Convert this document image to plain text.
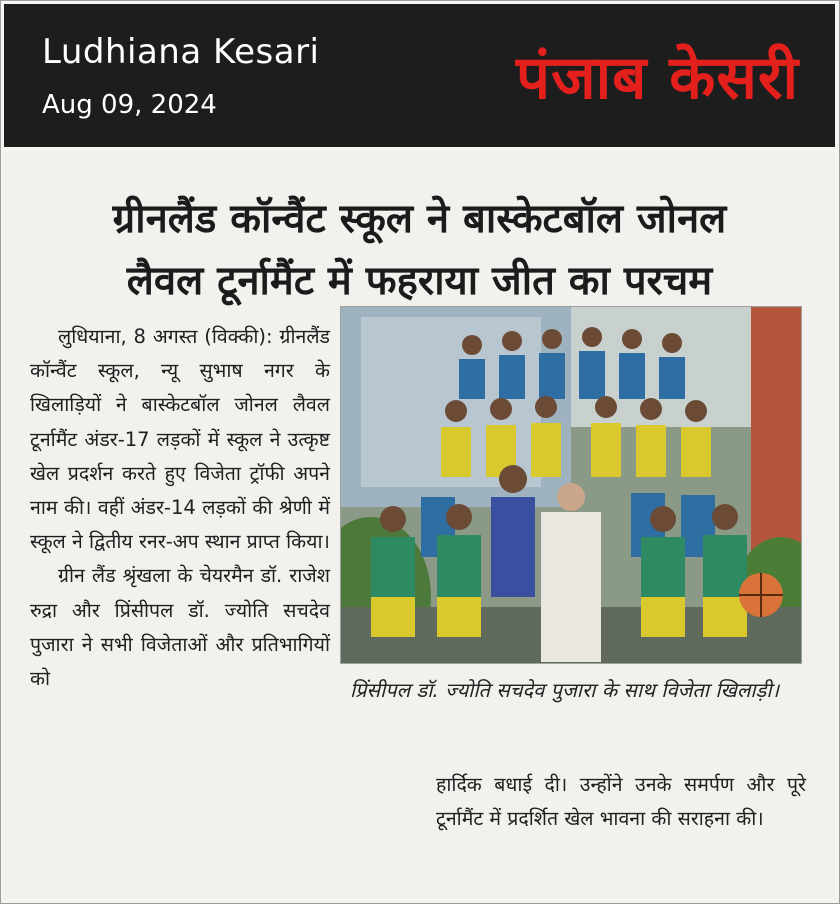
Ludhiana Kesari
Aug 09, 2024	पंजाब केसरी
ग्रीनलैंड कॉन्वैंट स्कूल ने बास्केटबॉल जोनल
लैवल टूर्नामैंट में फहराया जीत का परचम

लुधियाना, 8 अगस्त (विक्की): ग्रीनलैंड कॉन्वैंट स्कूल, न्यू सुभाष नगर के खिलाड़ियों ने बास्केटबॉल जोनल लैवल टूर्नामैंट अंडर-17 लड़कों में स्कूल ने उत्कृष्ट खेल प्रदर्शन करते हुए विजेता ट्रॉफी अपने नाम की। वहीं अंडर-14 लड़कों की श्रेणी में स्कूल ने द्वितीय रनर-अप स्थान प्राप्त किया।

ग्रीन लैंड श्रृंखला के चेयरमैन डॉ. राजेश रुद्रा और प्रिंसीपल डॉ. ज्योति सचदेव पुजारा ने सभी विजेताओं और प्रतिभागियों को	प्रिंसीपल डॉ. ज्योति सचदेव पुजारा के साथ विजेता खिलाड़ी।

हार्दिक बधाई दी। उन्होंने उनके समर्पण और पूरे टूर्नामैंट में प्रदर्शित खेल भावना की सराहना की।
